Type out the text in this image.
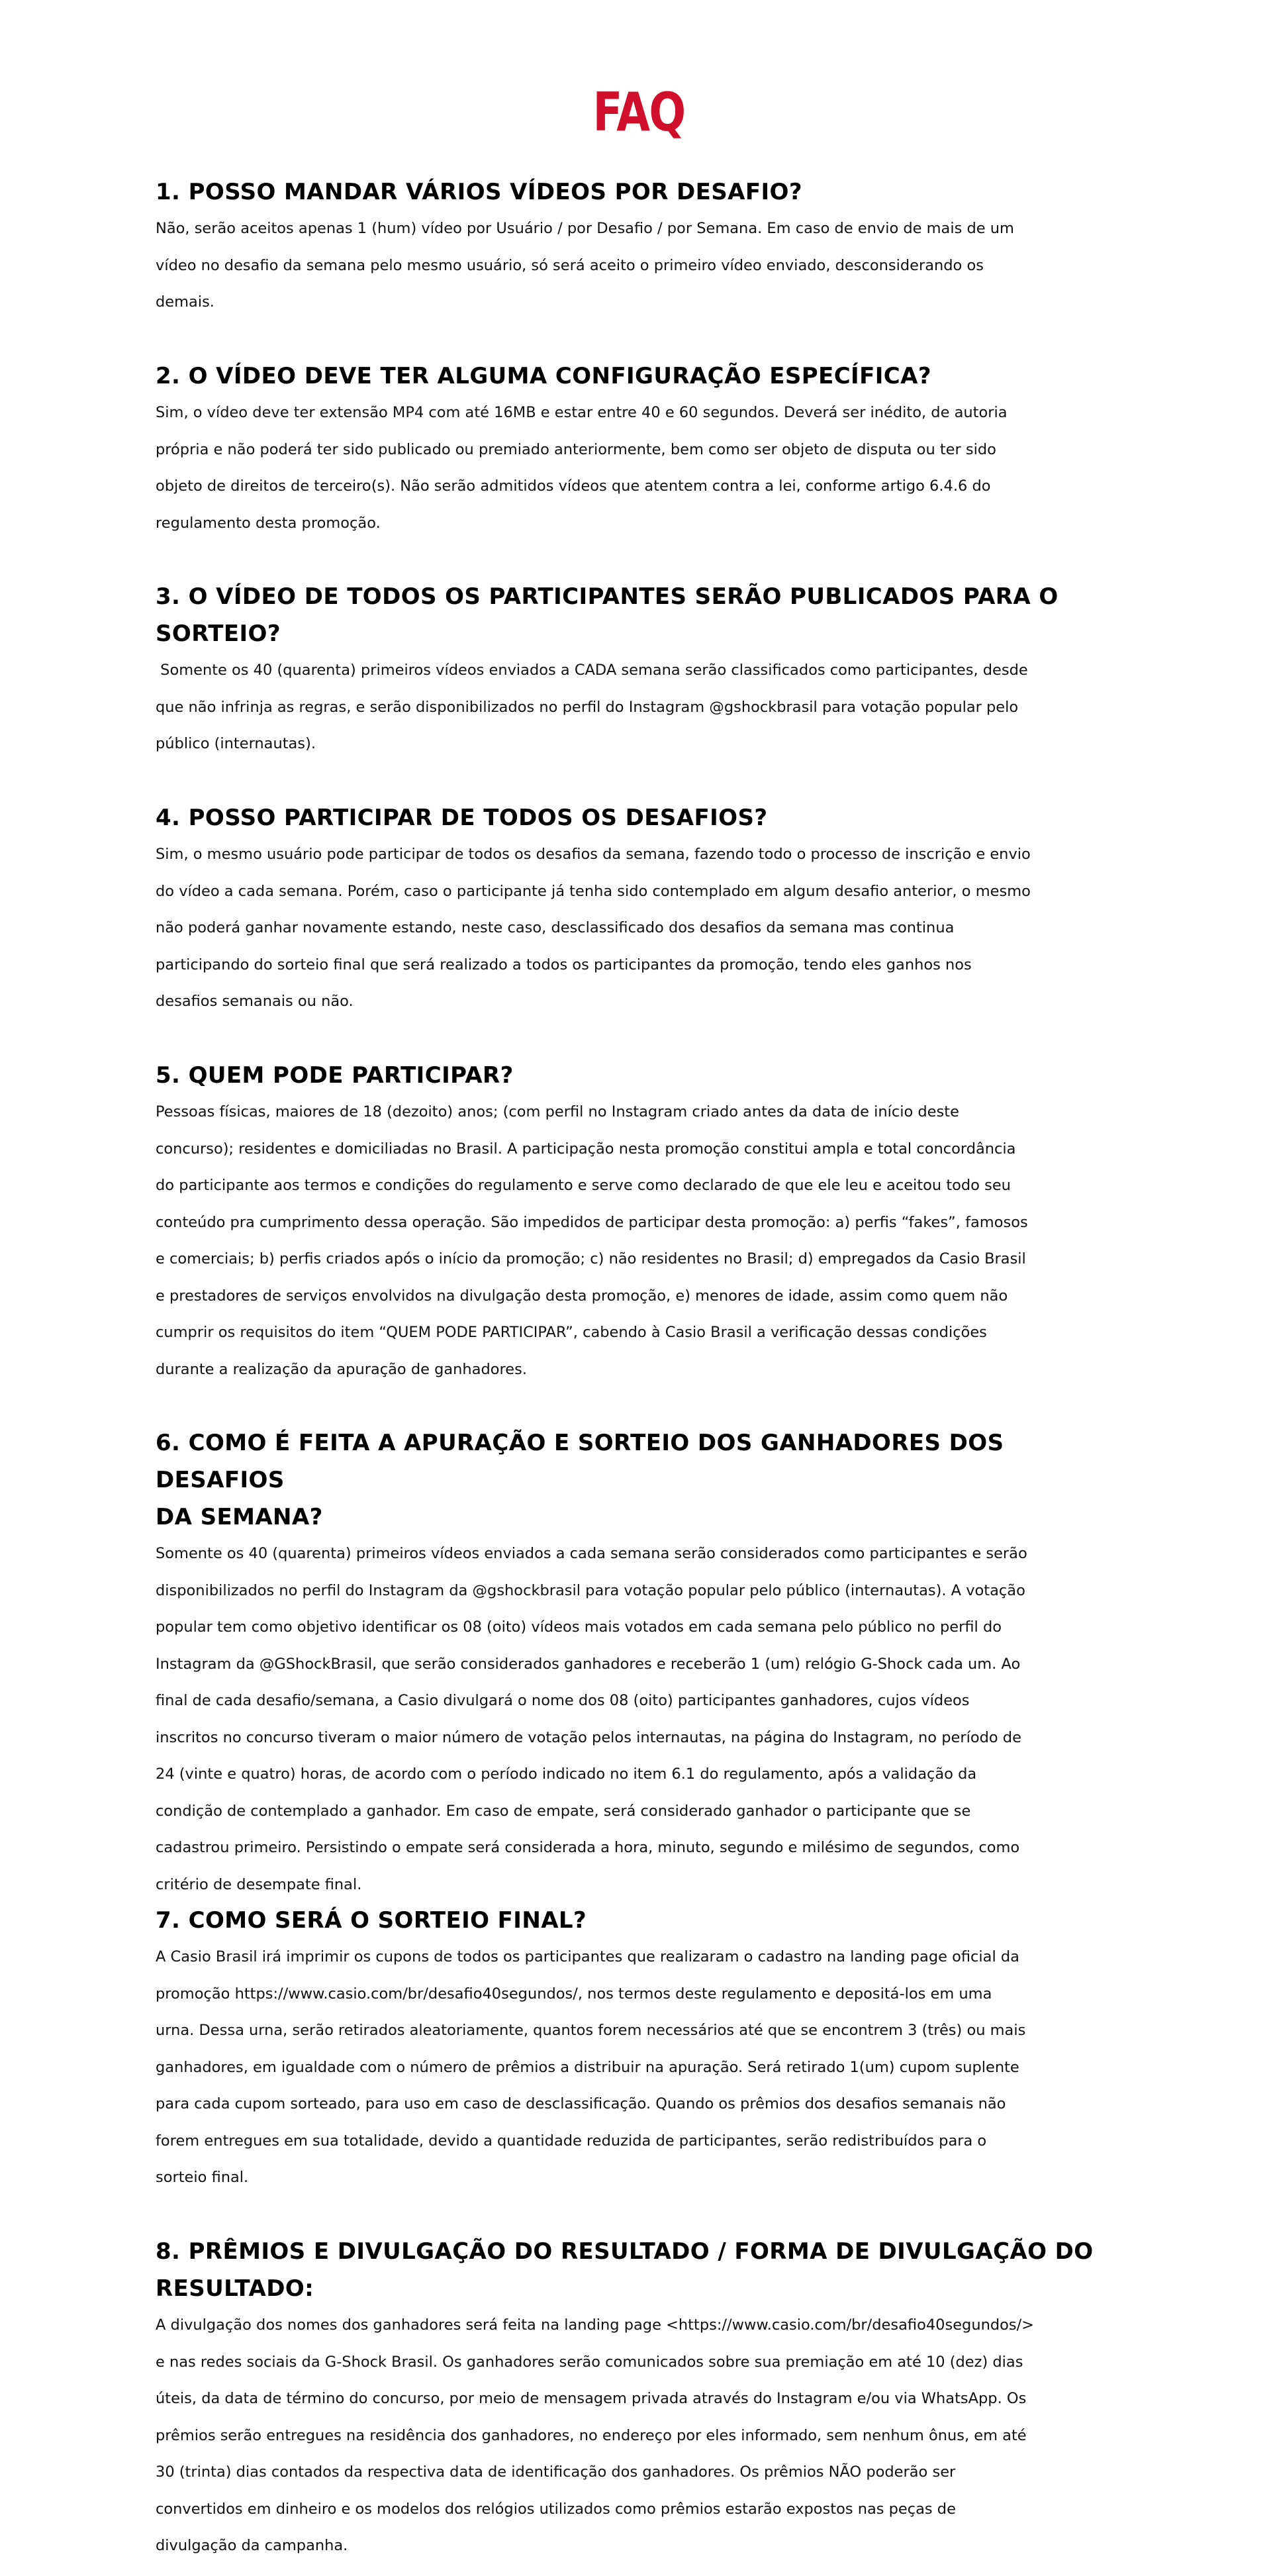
FAQ
1. POSSO MANDAR VÁRIOS VÍDEOS POR DESAFIO?

Não, serão aceitos apenas 1 (hum) vídeo por Usuário / por Desafio / por Semana. Em caso de envio de mais de um
vídeo no desafio da semana pelo mesmo usuário, só será aceito o primeiro vídeo enviado, desconsiderando os
demais.

2. O VÍDEO DEVE TER ALGUMA CONFIGURAÇÃO ESPECÍFICA?

Sim, o vídeo deve ter extensão MP4 com até 16MB e estar entre 40 e 60 segundos. Deverá ser inédito, de autoria
própria e não poderá ter sido publicado ou premiado anteriormente, bem como ser objeto de disputa ou ter sido
objeto de direitos de terceiro(s). Não serão admitidos vídeos que atentem contra a lei, conforme artigo 6.4.6 do
regulamento desta promoção.

3. O VÍDEO DE TODOS OS PARTICIPANTES SERÃO PUBLICADOS PARA O
SORTEIO?

Somente os 40 (quarenta) primeiros vídeos enviados a CADA semana serão classificados como participantes, desde
que não infrinja as regras, e serão disponibilizados no perfil do Instagram @gshockbrasil para votação popular pelo
público (internautas).

4. POSSO PARTICIPAR DE TODOS OS DESAFIOS?

Sim, o mesmo usuário pode participar de todos os desafios da semana, fazendo todo o processo de inscrição e envio
do vídeo a cada semana. Porém, caso o participante já tenha sido contemplado em algum desafio anterior, o mesmo
não poderá ganhar novamente estando, neste caso, desclassificado dos desafios da semana mas continua
participando do sorteio final que será realizado a todos os participantes da promoção, tendo eles ganhos nos
desafios semanais ou não.

5. QUEM PODE PARTICIPAR?

Pessoas físicas, maiores de 18 (dezoito) anos; (com perfil no Instagram criado antes da data de início deste
concurso); residentes e domiciliadas no Brasil. A participação nesta promoção constitui ampla e total concordância
do participante aos termos e condições do regulamento e serve como declarado de que ele leu e aceitou todo seu
conteúdo pra cumprimento dessa operação. São impedidos de participar desta promoção: a) perfis “fakes”, famosos
e comerciais; b) perfis criados após o início da promoção; c) não residentes no Brasil; d) empregados da Casio Brasil
e prestadores de serviços envolvidos na divulgação desta promoção, e) menores de idade, assim como quem não
cumprir os requisitos do item “QUEM PODE PARTICIPAR”, cabendo à Casio Brasil a verificação dessas condições
durante a realização da apuração de ganhadores.

6. COMO É FEITA A APURAÇÃO E SORTEIO DOS GANHADORES DOS DESAFIOS
DA SEMANA?

Somente os 40 (quarenta) primeiros vídeos enviados a cada semana serão considerados como participantes e serão
disponibilizados no perfil do Instagram da @gshockbrasil para votação popular pelo público (internautas). A votação
popular tem como objetivo identificar os 08 (oito) vídeos mais votados em cada semana pelo público no perfil do
Instagram da @GShockBrasil, que serão considerados ganhadores e receberão 1 (um) relógio G-Shock cada um. Ao
final de cada desafio/semana, a Casio divulgará o nome dos 08 (oito) participantes ganhadores, cujos vídeos
inscritos no concurso tiveram o maior número de votação pelos internautas, na página do Instagram, no período de
24 (vinte e quatro) horas, de acordo com o período indicado no item 6.1 do regulamento, após a validação da
condição de contemplado a ganhador. Em caso de empate, será considerado ganhador o participante que se
cadastrou primeiro. Persistindo o empate será considerada a hora, minuto, segundo e milésimo de segundos, como
critério de desempate final.

7. COMO SERÁ O SORTEIO FINAL?

A Casio Brasil irá imprimir os cupons de todos os participantes que realizaram o cadastro na landing page oficial da
promoção https://www.casio.com/br/desafio40segundos/, nos termos deste regulamento e depositá-los em uma
urna. Dessa urna, serão retirados aleatoriamente, quantos forem necessários até que se encontrem 3 (três) ou mais
ganhadores, em igualdade com o número de prêmios a distribuir na apuração. Será retirado 1(um) cupom suplente
para cada cupom sorteado, para uso em caso de desclassificação. Quando os prêmios dos desafios semanais não
forem entregues em sua totalidade, devido a quantidade reduzida de participantes, serão redistribuídos para o
sorteio final.

8. PRÊMIOS E DIVULGAÇÃO DO RESULTADO / FORMA DE DIVULGAÇÃO DO
RESULTADO:

A divulgação dos nomes dos ganhadores será feita na landing page <https://www.casio.com/br/desafio40segundos/>
e nas redes sociais da G-Shock Brasil. Os ganhadores serão comunicados sobre sua premiação em até 10 (dez) dias
úteis, da data de término do concurso, por meio de mensagem privada através do Instagram e/ou via WhatsApp. Os
prêmios serão entregues na residência dos ganhadores, no endereço por eles informado, sem nenhum ônus, em até
30 (trinta) dias contados da respectiva data de identificação dos ganhadores. Os prêmios NÃO poderão ser
convertidos em dinheiro e os modelos dos relógios utilizados como prêmios estarão expostos nas peças de
divulgação da campanha.
